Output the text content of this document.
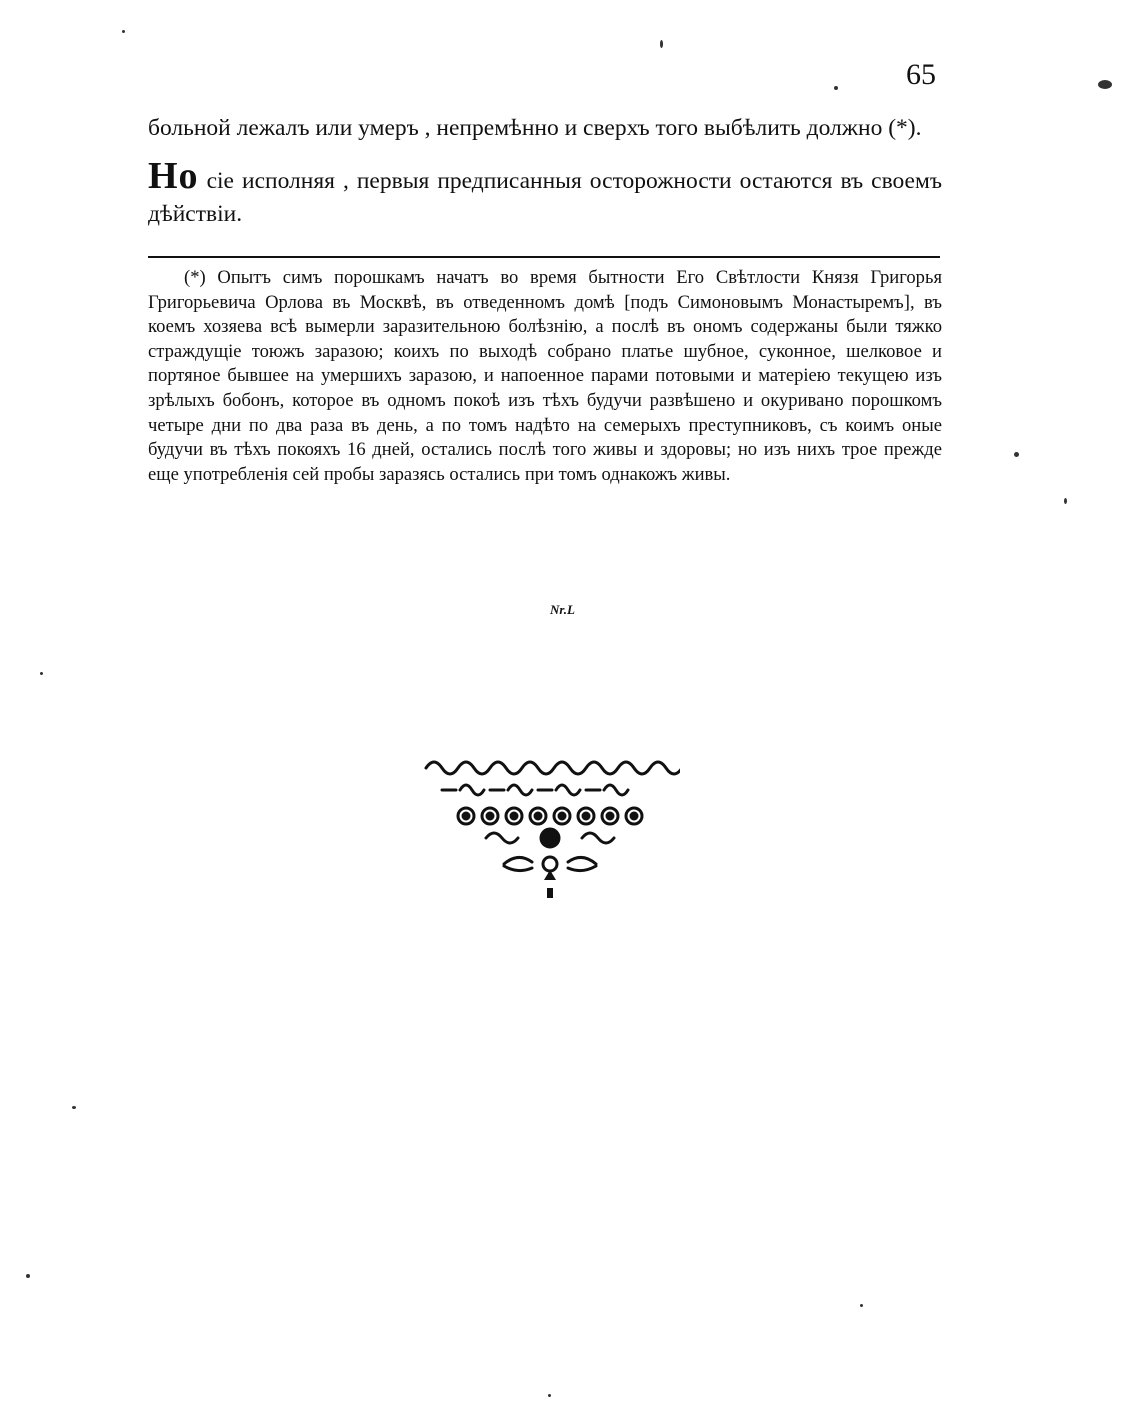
65

больной лежалъ или умеръ , непремѣнно и сверхъ того выбѣлить должно (*).

Но сiе исполняя , первыя предписанныя осторожности остаются въ своемъ дѣйствiи.

(*) Опытъ симъ порошкамъ начатъ во время бытности Его Свѣтлости Князя Григорья Григорьевича Орлова въ Москвѣ, въ отведенномъ домѣ [подъ Симоновымъ Монастыремъ], въ коемъ хозяева всѣ вымерли заразительною болѣзнiю, а послѣ въ ономъ содержаны были тяжко страждущiе тоюжъ заразою; коихъ по выходѣ собрано платье шубное, суконное, шелковое и портяное бывшее на умершихъ заразою, и напоенное парами потовыми и матерiею текущею изъ зрѣлыхъ бобонъ, которое въ одномъ покоѣ изъ тѣхъ будучи развѣшено и окуривано порошкомъ четыре дни по два раза въ день, а по томъ надѣто на семерыхъ преступниковъ, съ коимъ оные будучи въ тѣхъ покояхъ 16 дней, остались послѣ того живы и здоровы; но изъ нихъ трое прежде еще употребленiя сей пробы заразясь остались при томъ однакожъ живы.
Nr.L
